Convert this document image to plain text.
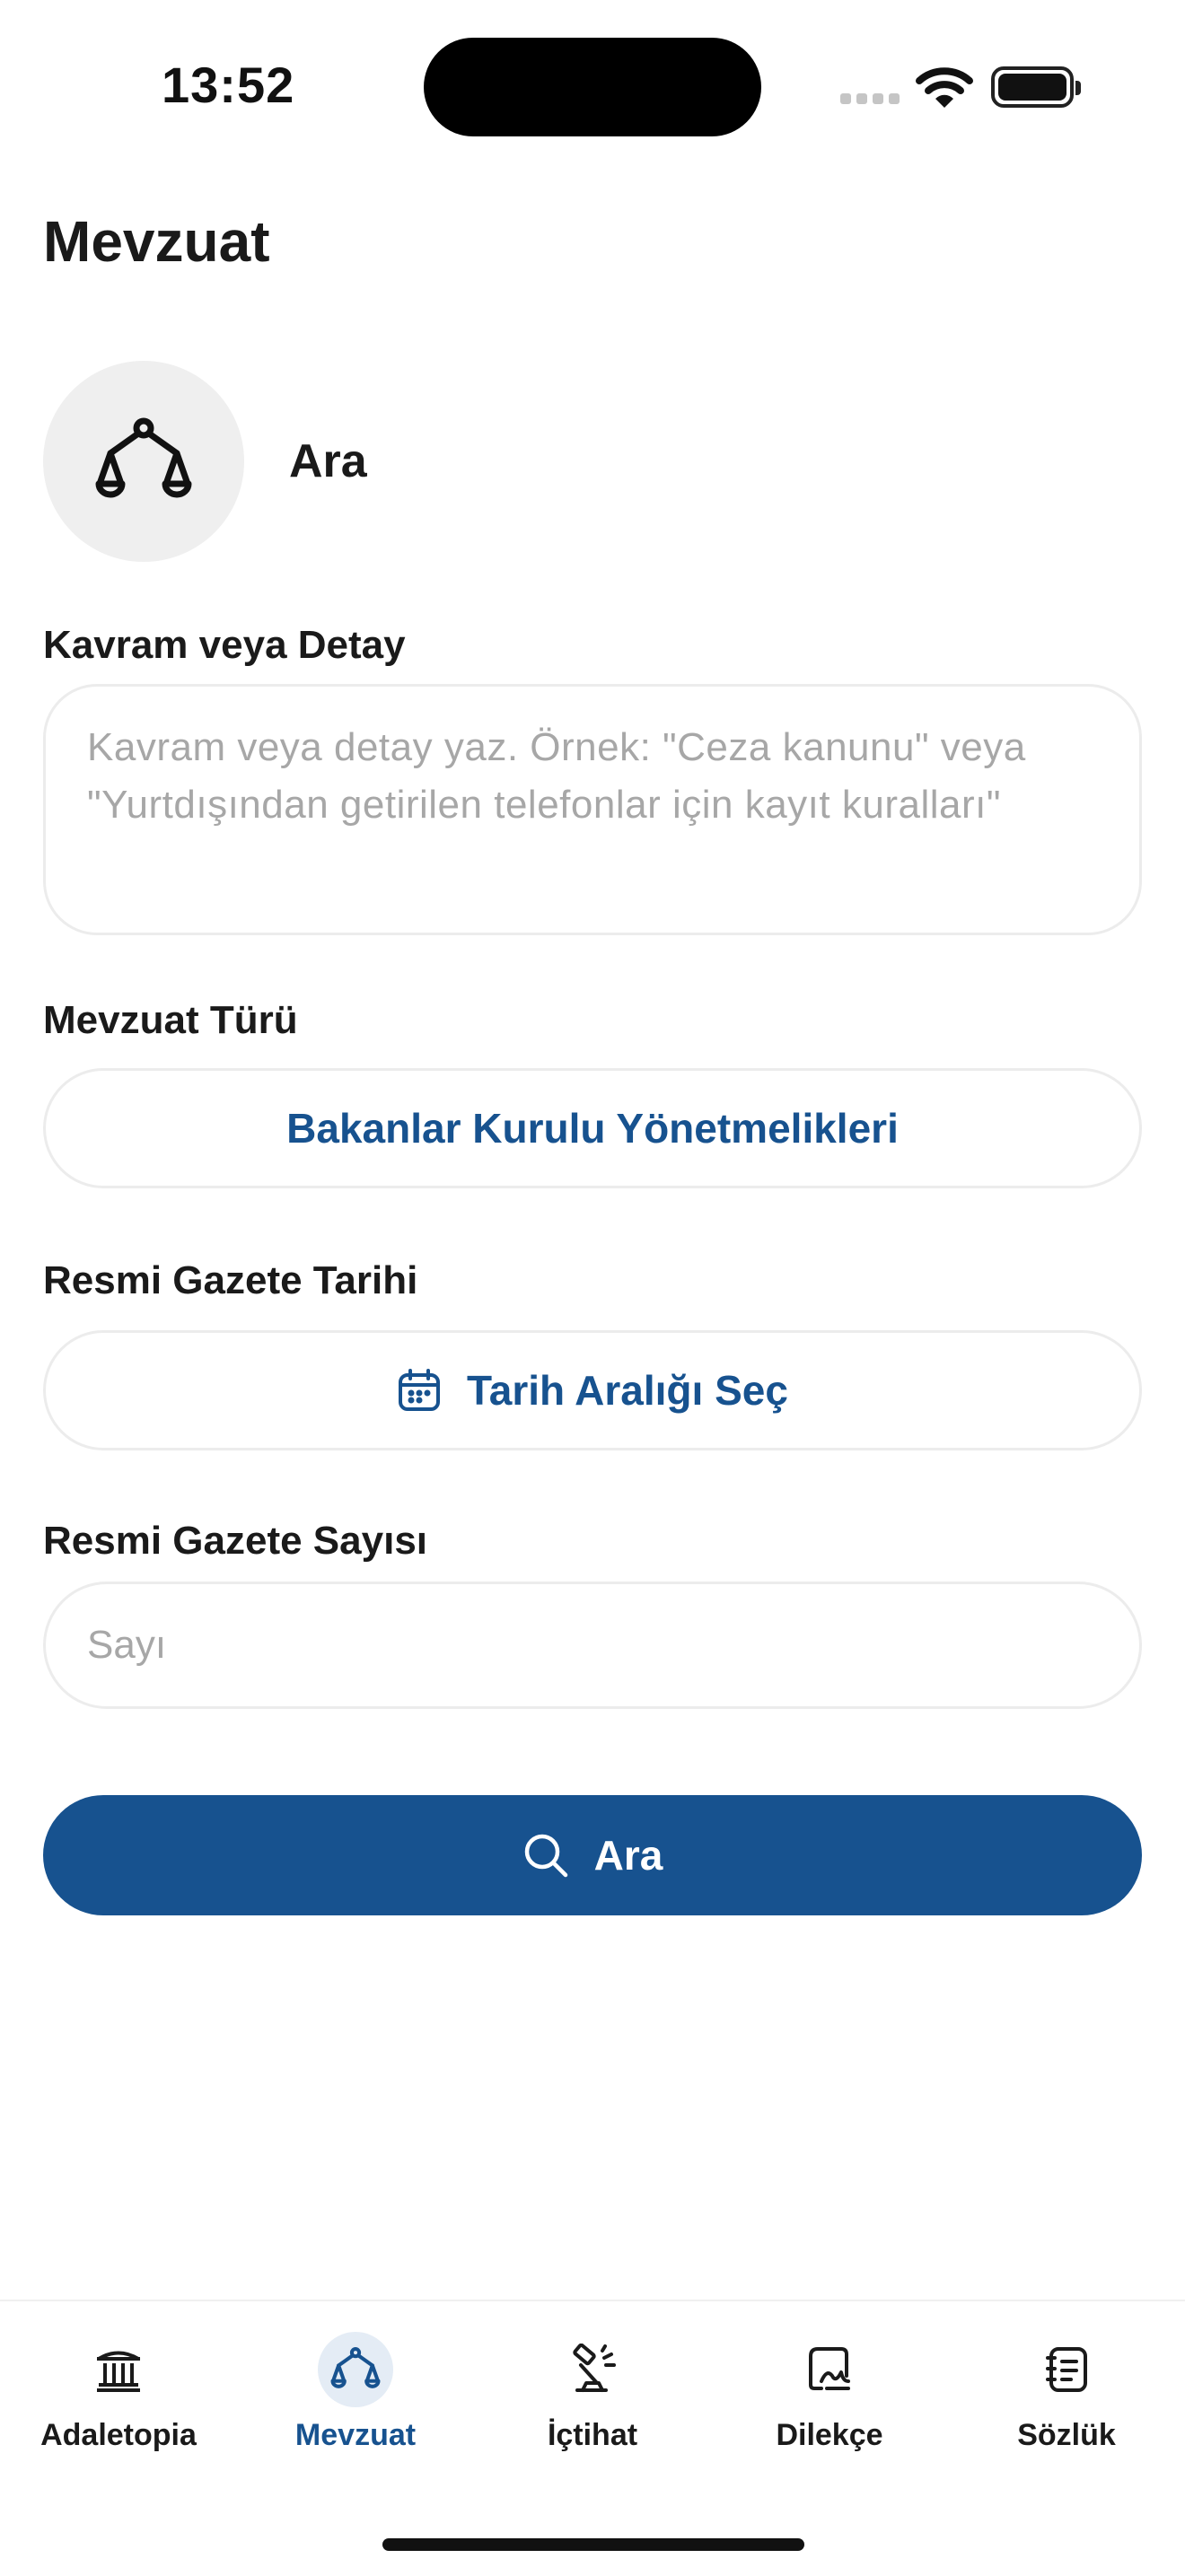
13:52
Mevzuat
Ara
Kavram veya Detay
Kavram veya detay yaz. Örnek: "Ceza kanunu" veya "Yurtdışından getirilen telefonlar için kayıt kuralları"
Mevzuat Türü
Bakanlar Kurulu Yönetmelikleri
Resmi Gazete Tarihi
Tarih Aralığı Seç
Resmi Gazete Sayısı
Sayı
Ara
Adaletopia	Mevzuat	İçtihat	Dilekçe	Sözlük
